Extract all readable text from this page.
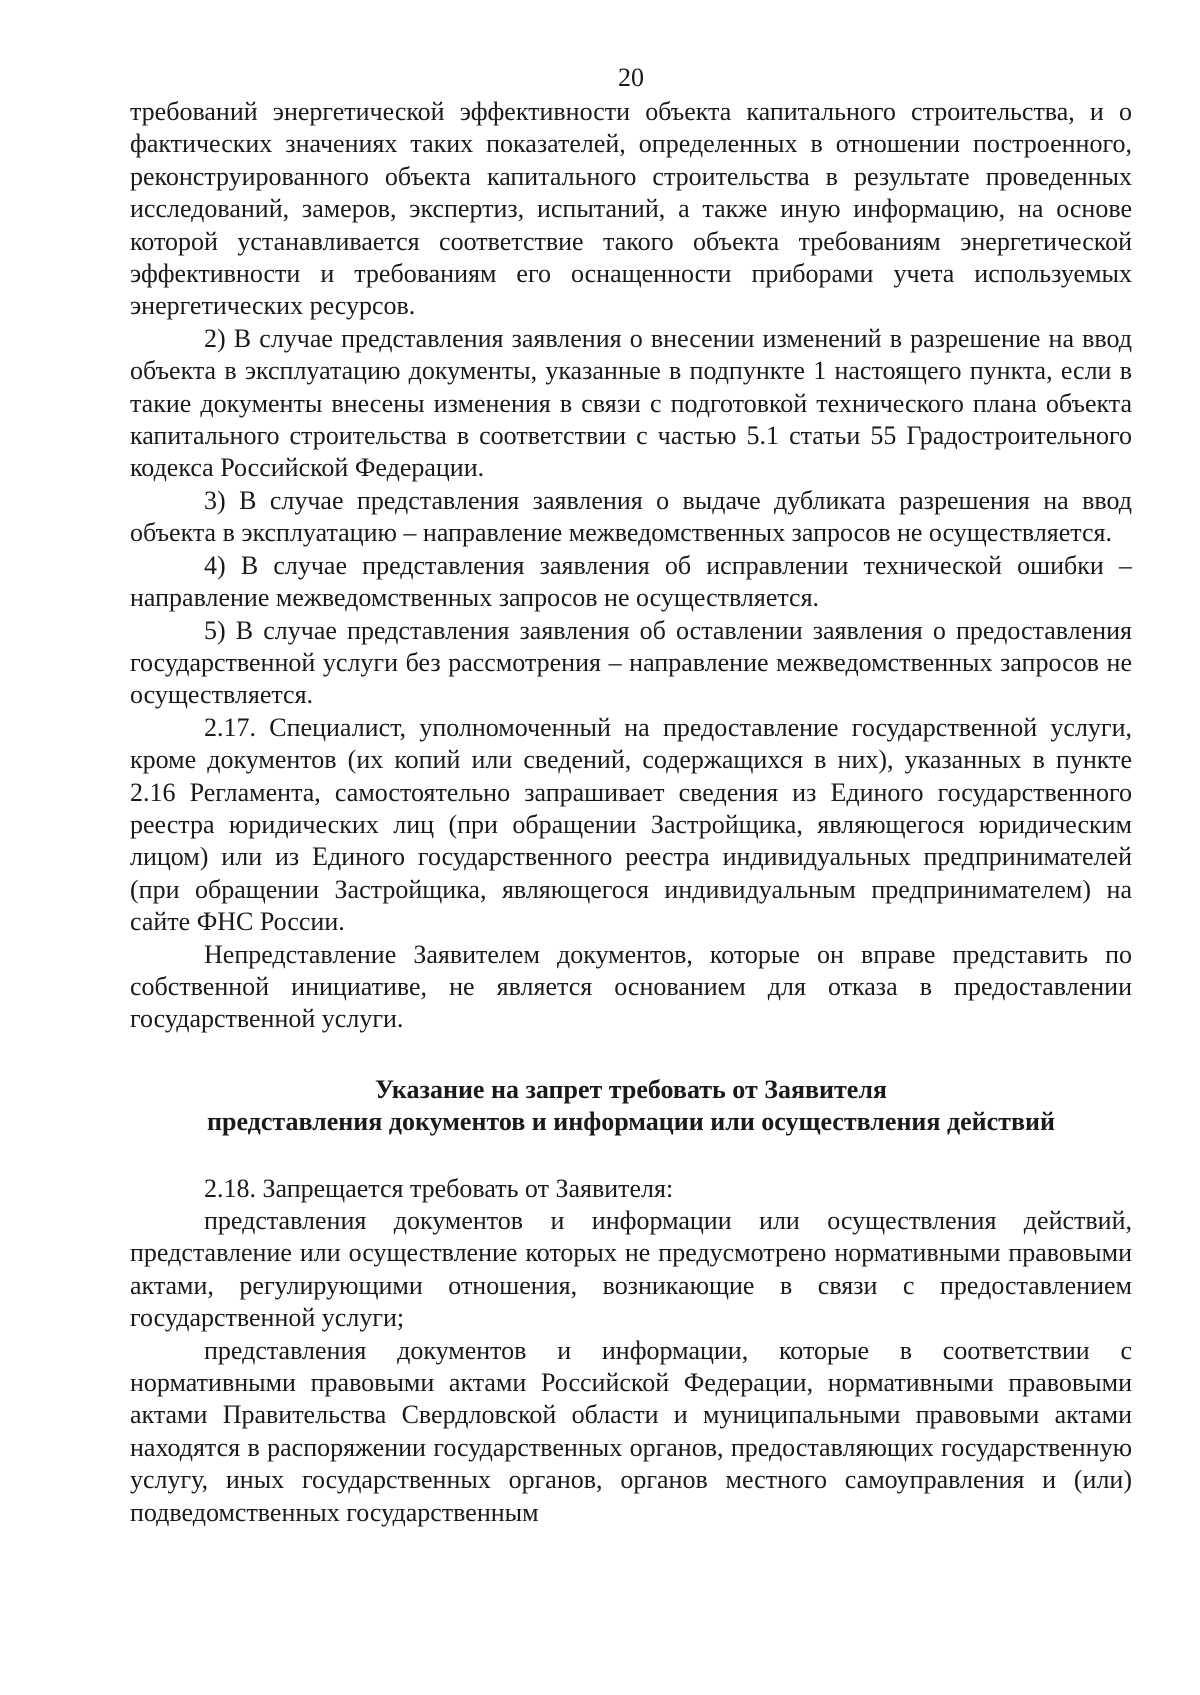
20

требований энергетической эффективности объекта капитального строительства, и о фактических значениях таких показателей, определенных в отношении построенного, реконструированного объекта капитального строительства в результате проведенных исследований, замеров, экспертиз, испытаний, а также иную информацию, на основе которой устанавливается соответствие такого объекта требованиям энергетической эффективности и требованиям его оснащенности приборами учета используемых энергетических ресурсов.

2) В случае представления заявления о внесении изменений в разрешение на ввод объекта в эксплуатацию документы, указанные в подпункте 1 настоящего пункта, если в такие документы внесены изменения в связи с подготовкой технического плана объекта капитального строительства в соответствии с частью 5.1 статьи 55 Градостроительного кодекса Российской Федерации.

3) В случае представления заявления о выдаче дубликата разрешения на ввод объекта в эксплуатацию – направление межведомственных запросов не осуществляется.

4) В случае представления заявления об исправлении технической ошибки – направление межведомственных запросов не осуществляется.

5) В случае представления заявления об оставлении заявления о предоставления государственной услуги без рассмотрения – направление межведомственных запросов не осуществляется.

2.17. Специалист, уполномоченный на предоставление государственной услуги, кроме документов (их копий или сведений, содержащихся в них), указанных в пункте 2.16 Регламента, самостоятельно запрашивает сведения из Единого государственного реестра юридических лиц (при обращении Застройщика, являющегося юридическим лицом) или из Единого государственного реестра индивидуальных предпринимателей (при обращении Застройщика, являющегося индивидуальным предпринимателем) на сайте ФНС России.

Непредставление Заявителем документов, которые он вправе представить по собственной инициативе, не является основанием для отказа в предоставлении государственной услуги.

Указание на запрет требовать от Заявителя
представления документов и информации или осуществления действий

2.18. Запрещается требовать от Заявителя:

представления документов и информации или осуществления действий, представление или осуществление которых не предусмотрено нормативными правовыми актами, регулирующими отношения, возникающие в связи с предоставлением государственной услуги;

представления документов и информации, которые в соответствии с нормативными правовыми актами Российской Федерации, нормативными правовыми актами Правительства Свердловской области и муниципальными правовыми актами находятся в распоряжении государственных органов, предоставляющих государственную услугу, иных государственных органов, органов местного самоуправления и (или) подведомственных государственным
